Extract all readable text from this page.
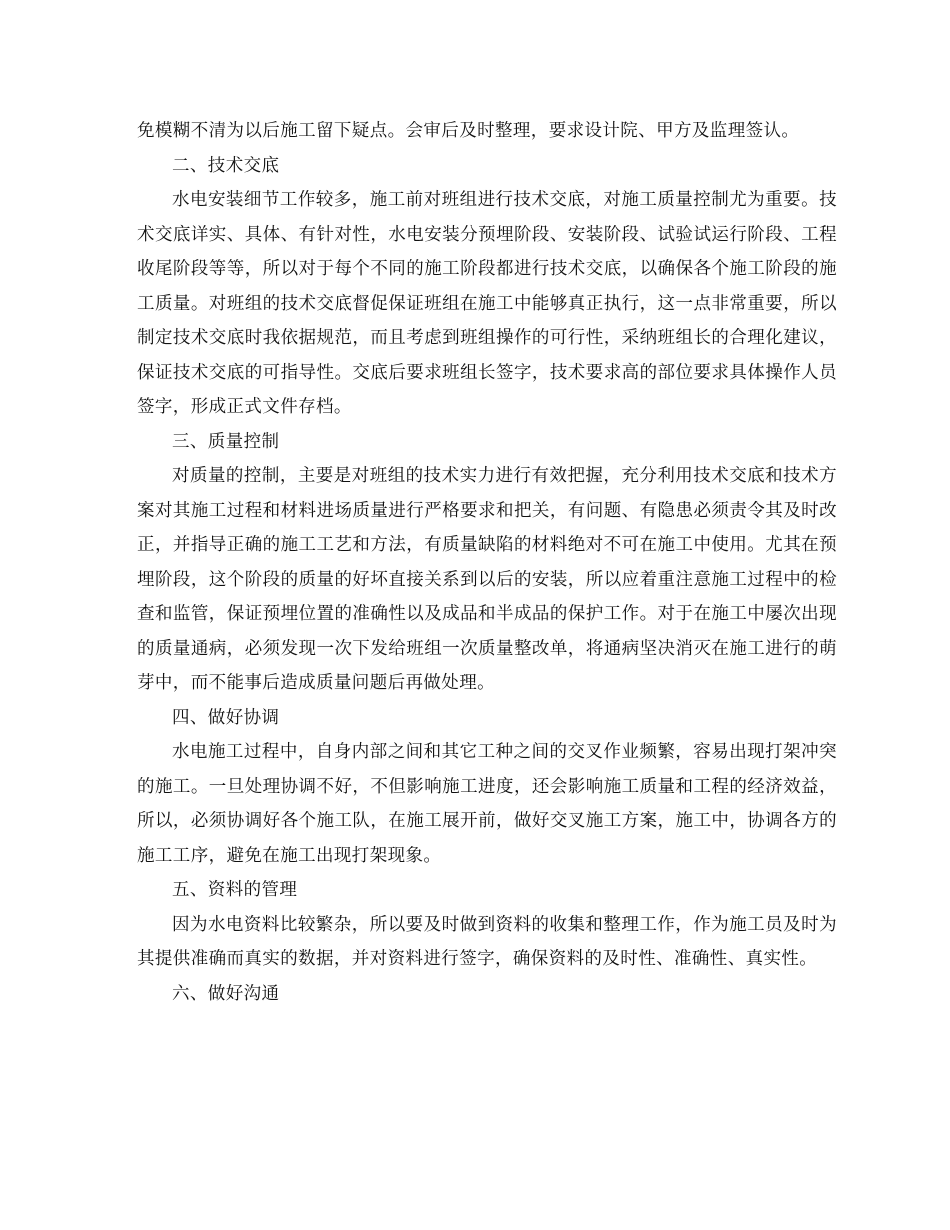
免模糊不清为以后施工留下疑点。会审后及时整理，要求设计院、甲方及监理签认。

二、技术交底

水电安装细节工作较多，施工前对班组进行技术交底，对施工质量控制尤为重要。技术交底详实、具体、有针对性，水电安装分预埋阶段、安装阶段、试验试运行阶段、工程收尾阶段等等，所以对于每个不同的施工阶段都进行技术交底，以确保各个施工阶段的施工质量。对班组的技术交底督促保证班组在施工中能够真正执行，这一点非常重要，所以制定技术交底时我依据规范，而且考虑到班组操作的可行性，采纳班组长的合理化建议，保证技术交底的可指导性。交底后要求班组长签字，技术要求高的部位要求具体操作人员签字，形成正式文件存档。

三、质量控制

对质量的控制，主要是对班组的技术实力进行有效把握，充分利用技术交底和技术方案对其施工过程和材料进场质量进行严格要求和把关，有问题、有隐患必须责令其及时改正，并指导正确的施工工艺和方法，有质量缺陷的材料绝对不可在施工中使用。尤其在预埋阶段，这个阶段的质量的好坏直接关系到以后的安装，所以应着重注意施工过程中的检查和监管，保证预埋位置的准确性以及成品和半成品的保护工作。对于在施工中屡次出现的质量通病，必须发现一次下发给班组一次质量整改单，将通病坚决消灭在施工进行的萌芽中，而不能事后造成质量问题后再做处理。

四、做好协调

水电施工过程中，自身内部之间和其它工种之间的交叉作业频繁，容易出现打架冲突的施工。一旦处理协调不好，不但影响施工进度，还会影响施工质量和工程的经济效益，所以，必须协调好各个施工队，在施工展开前，做好交叉施工方案，施工中，协调各方的施工工序，避免在施工出现打架现象。

五、资料的管理

因为水电资料比较繁杂，所以要及时做到资料的收集和整理工作，作为施工员及时为其提供准确而真实的数据，并对资料进行签字，确保资料的及时性、准确性、真实性。

六、做好沟通
